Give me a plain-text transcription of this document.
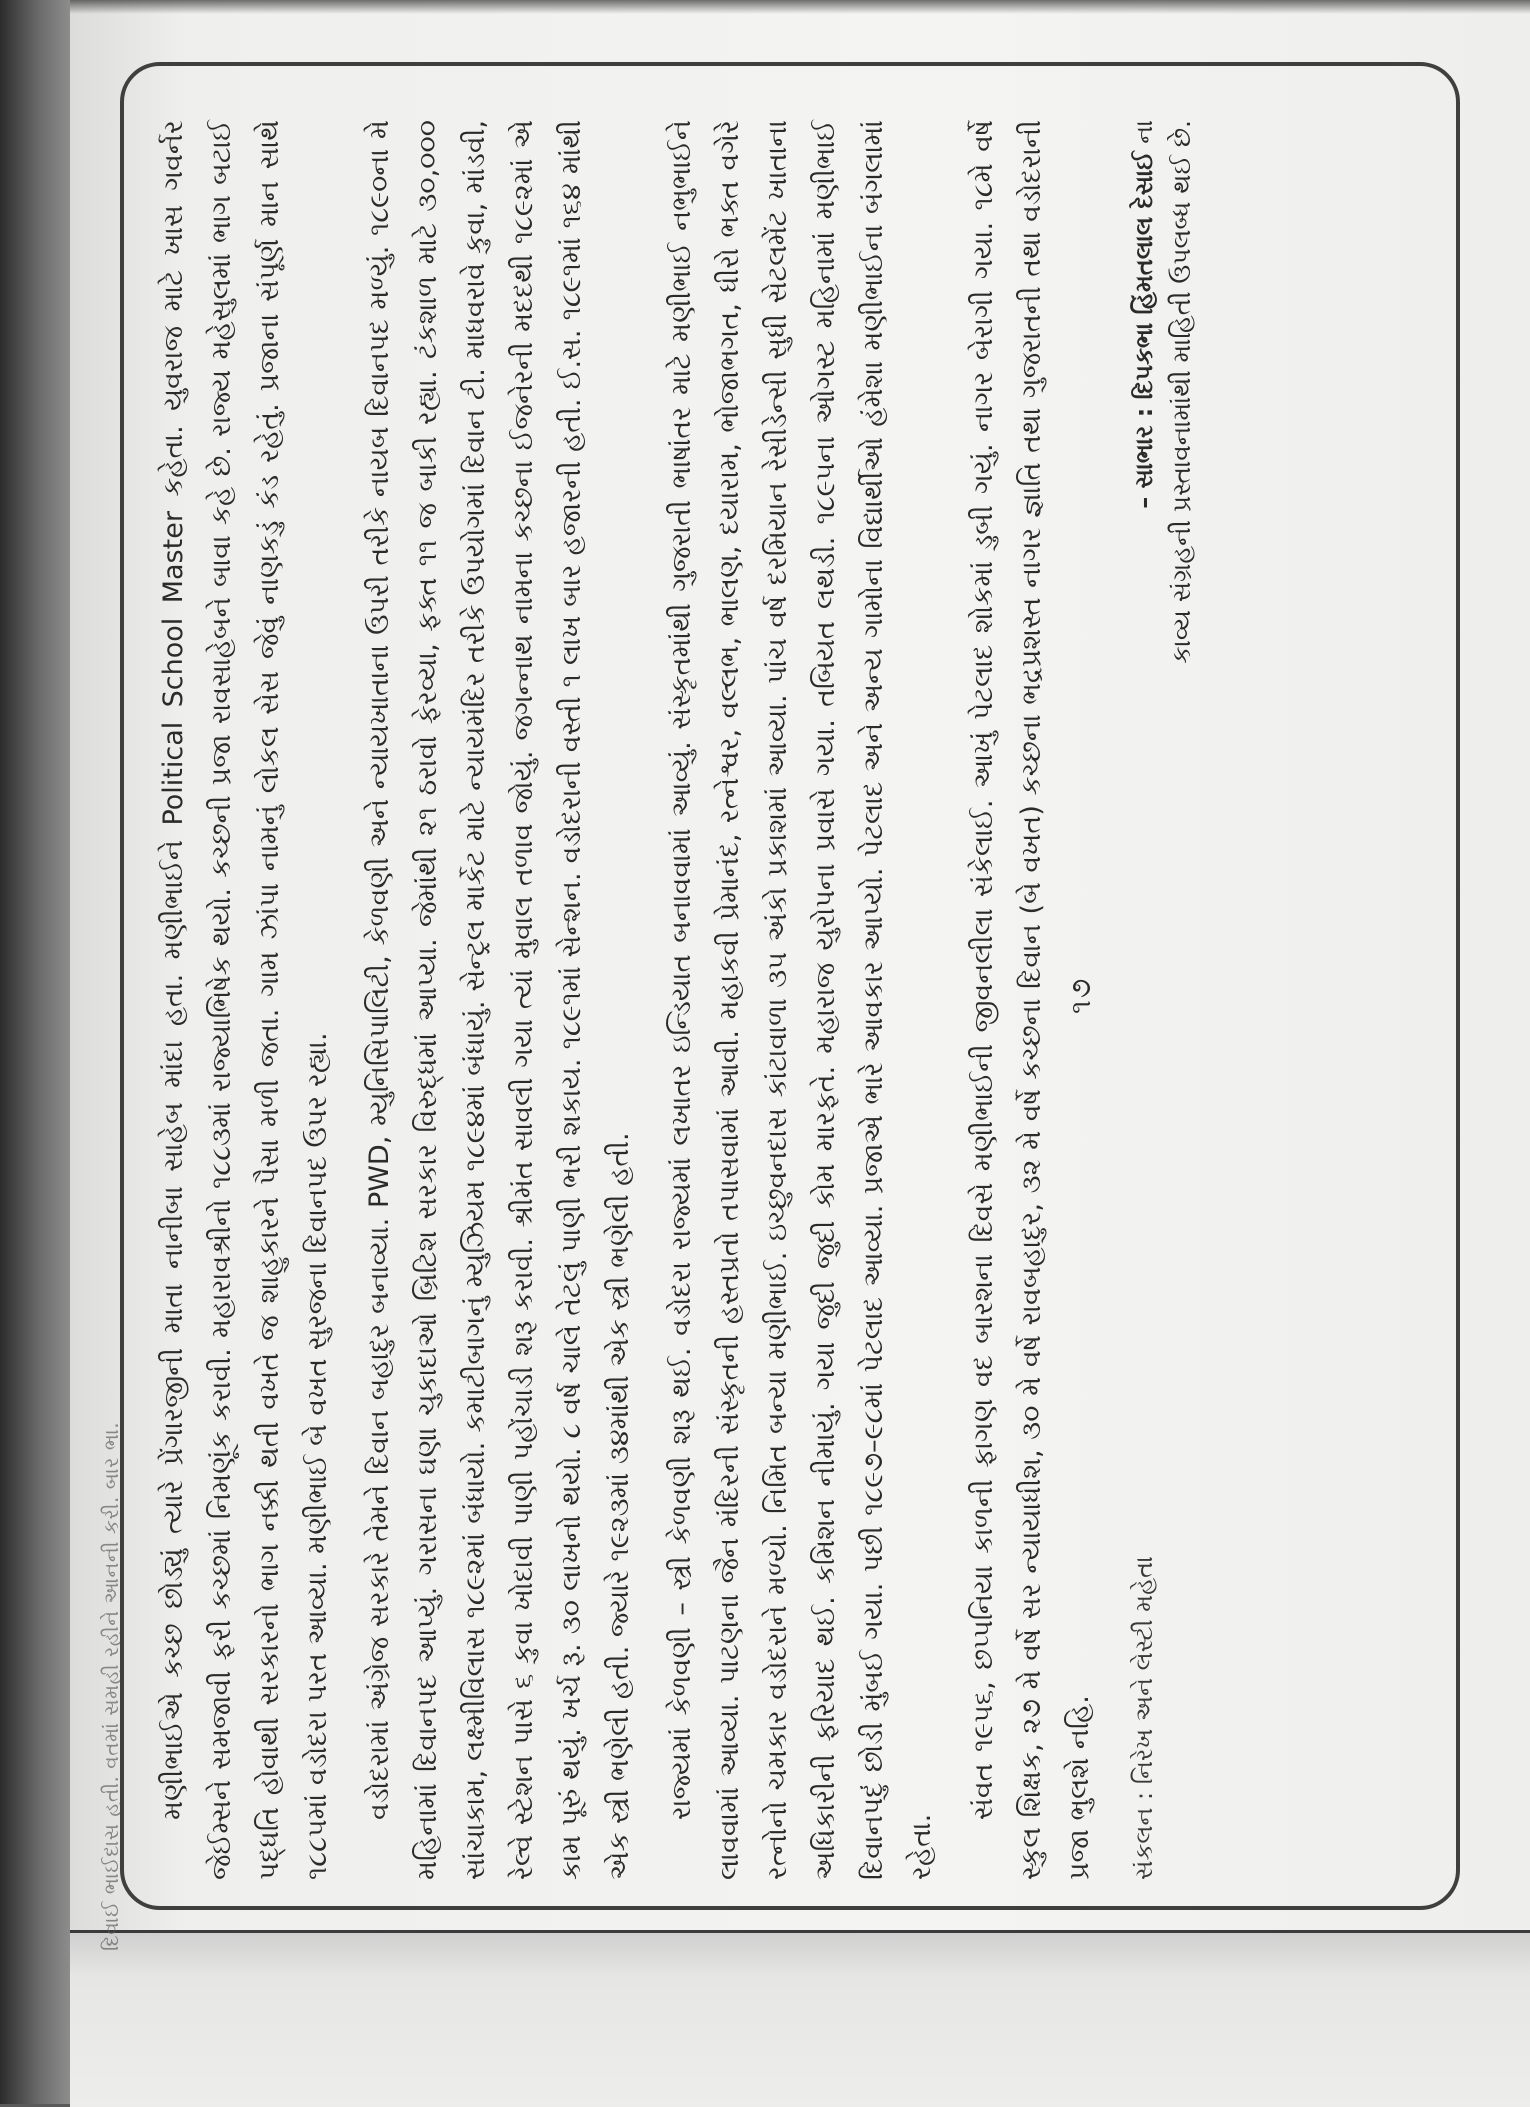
દિવાઈ ભાઈદાસ હતી. વતમાં સમહી રહીને આનની કરી. બાર ભા. મણીભાઈએ કચ્છ છોડ્યું ત્યારે પ્રેંગારજીની માતા નાનીબા સાહેબ માંદા હતા. મણીભાઈને Political School Master કહેતા. યુવરાજ માટે ખાસ ગવર્નર જેઈમ્સને સમજાવી ફરી કચ્છમાં નિમણૂંક કરાવી. મહારાવશ્રીનો ૧૮૮૩માં રાજ્યાભિષેક થયો. કચ્છની પ્રજા રાવસાહેબને બાવા કહે છે. રાજ્ય મહેસુલમાં ભાગ બટાઈ પદ્ધતિ હોવાથી સરકારનો ભાગ નક્કી થતી વખતે જ શાહુકારને પૈસા મળી જતા. ગામ ઝાંપા નામનું લોકલ સેસ જેવું નાણકડું કંડ રહેતું. પ્રજાના સંપૂર્ણ માન સાથે ૧૮૮૫માં વડોદરા પરત આવ્યા. મણીભાઈ બે વખત સુરજના દિવાનપદ ઉપર રહ્યા.	વડોદરામાં અંગ્રેજ સરકારે તેમને દિવાન બહાદુર બનાવ્યા. PWD, મ્યુનિસિપાલિટી, કેળવણી અને ન્યાયખાતાના ઉપરી તરીકે નાયબ દિવાનપદ મળ્યું. ૧૮૯૦ના મે મહિનામાં દિવાનપદ આપ્યું. ગરાસના ઘણા ચુકાદાઓ બ્રિટિશ સરકાર વિરુદ્ધમાં આપ્યા. જેમાંથી ૨૧ ઠરાવો ફેરવ્યા, ફક્ત ૧૧ જ બાકી રહ્યા. ટંકશાળ માટે ૩૦,૦૦૦ સાંચાકામ, લક્ષ્મીવિલાસ ૧૮૯૨માં બંધાયો. કમાટીબાગનું મ્યુઝિયમ ૧૮૯૪માં બંધાયું. સેન્ટ્રલ માર્કેટ માટે ન્યાયમંદિર તરીકે ઉપયોગમાં દિવાન ટી. માધવરાવે કુવા, માંડવી, રેલ્વે સ્ટેશન પાસે ૬ કુવા ખોદાવી પાણી પહોંચાડી શરૂ કરાવી. શ્રીમંત સાવલી ગયા ત્યાં મુવાલ તળાવ જોયું. જગન્નાથ નામના કચ્છના ઈજનેરની મદદથી ૧૮૯૨માં એ કામ પૂરું થયું. ખર્ચ રૂ. ૩૦ લાખનો થયો. ૮ વર્ષ ચાલે તેટલું પાણી ભરી શકાય. ૧૮૯૧માં સેન્શન. વડોદરાની વસ્તી ૧ લાખ બાર હજારની હતી. ઈ.સ. ૧૮૯૧માં ૧૬૪ માંથી એક સ્ત્રી ભણેલી હતી. જ્યારે ૧૯૨૩માં ૩૪માંથી એક સ્ત્રી ભણેલી હતી.	રાજ્યમાં કેળવણી – સ્ત્રી કેળવણી શરૂ થઈ. વડોદરા રાજ્યમાં લખાતર ઇન્ડિયાત બનાવવામાં આવ્યું. સંસ્કૃતમાંથી ગુજરાતી ભાષાંતર માટે મણીભાઈ નભુભાઈને લાવવામાં આવ્યા. પાટણના જૈન મંદિરની સંસ્કૃતની હસ્તપ્રતો તપાસવામાં આવી. મહાકવી પ્રેમાનંદ, રત્નેશ્વર, વલ્લભ, ભાલણ, દયારામ, ભોજાભગત, ધીરો ભક્ત વગેરે રત્નોનો ચમકાર વડોદરાને મળ્યો. નિમિત બન્યા મણીભાઈ. ઇચ્છુવનદાસ કાંટાવાળા ૩૫ અંકો પ્રકાશમાં આવ્યા. પાંચ વર્ષ દરમિયાન રેસીડેન્સી સુધી સેટલમેંટ ખાતાના અધિકારીની ફરિયાદ થઈ. કમિશન નીમાયું. ગયા જુદી જુદી કોમ મારફતે. મહારાજ યુરોપના પ્રવાસે ગયા. તબિયત લથડી. ૧૮૯૫ના ઓગસ્ટ મહિનામાં મણીભાઈ દિવાનપદું છોડી મુંબઈ ગયા. પછી ૧૮૯૭–૯૮માં પેટલાદ આવ્યા. પ્રજાએ ભારે આવકાર આપ્યો. પેટલાદ અને અન્ય ગામોના વિદ્યાર્થીઓ હંમેશા મણીભાઈના બંગલામાં રહેતા.

સંવત ૧૯૫૬, છપ્પનિયા કાળની ફાગણ વદ બારશના દિવસે મણીભાઈની જીવનલીલા સંકેલાઈ. આખું પેટલાદ શોકમાં ડુબી ગયું. નાગર બેરાગી ગયા. ૧૮મે વર્ષે સ્કુલ શિક્ષક, ૨૭ મે વર્ષે સર ન્યાયાધીશ, ૩૦ મે વર્ષે રાવબહાદુર, ૩૨ મે વર્ષે કચ્છના દિવાન (બે વખત) કચ્છના ભદ્રપ્રશસ્ત નાગર જ્ઞાતિ તથા ગુજરાતની તથા વડોદરાની પ્રજા ભુલશે નહિ.	સંકલન : નિરેખ અને લેસ્ટી મહેતા
– સાભાર : દિપકભા હિંમતલાલ દેસાઈ ના કાવ્ય સંગ્રહની પ્રસ્તાવનામાંથી માહિતી ઉપલબ્ધ થઈ છે.

૧૭
